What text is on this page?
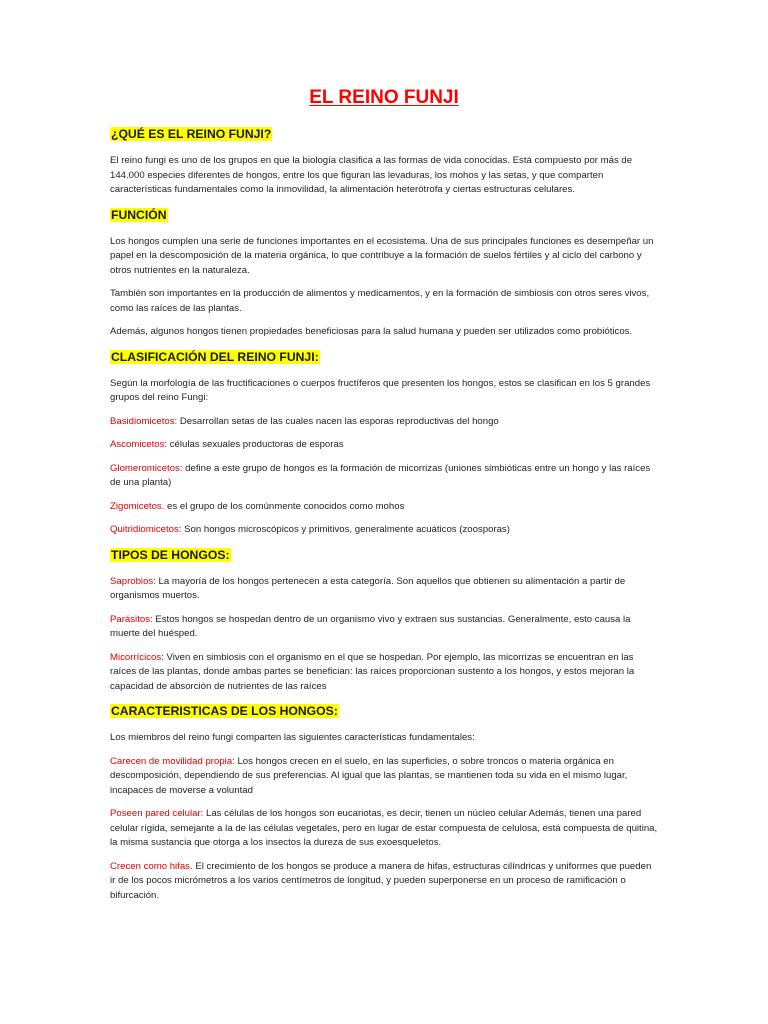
EL REINO FUNJI
¿QUÉ ES EL REINO FUNJI?

El reino fungi es uno de los grupos en que la biología clasifica a las formas de vida conocidas. Está compuesto por más de 144.000 especies diferentes de hongos, entre los que figuran las levaduras, los mohos y las setas, y que comparten características fundamentales como la inmovilidad, la alimentación heterótrofa y ciertas estructuras celulares.

FUNCIÓN

Los hongos cumplen una serie de funciones importantes en el ecosistema. Una de sus principales funciones es desempeñar un papel en la descomposición de la materia orgánica, lo que contribuye a la formación de suelos fértiles y al ciclo del carbono y otros nutrientes en la naturaleza.

También son importantes en la producción de alimentos y medicamentos, y en la formación de simbiosis con otros seres vivos, como las raíces de las plantas.

Además, algunos hongos tienen propiedades beneficiosas para la salud humana y pueden ser utilizados como probióticos.

CLASIFICACIÓN DEL REINO FUNJI:

Según la morfología de las fructificaciones o cuerpos fructíferos que presenten los hongos, estos se clasifican en los 5 grandes grupos del reino Fungi:

Basidiomicetos: Desarrollan setas de las cuales nacen las esporas reproductivas del hongo

Ascomicetos: células sexuales productoras de esporas

Glomeromicetos: define a este grupo de hongos es la formación de micorrizas (uniones simbióticas entre un hongo y las raíces de una planta)

Zigomicetos. es el grupo de los comúnmente conocidos como mohos

Quitridiomicetos: Son hongos microscópicos y primitivos, generalmente acuáticos (zoosporas)

TIPOS DE HONGOS:

Saprobios: La mayoría de los hongos pertenecen a esta categoría. Son aquellos que obtienen su alimentación a partir de organismos muertos.

Parásitos: Estos hongos se hospedan dentro de un organismo vivo y extraen sus sustancias. Generalmente, esto causa la muerte del huésped.

Micorrícicos: Viven en simbiosis con el organismo en el que se hospedan. Por ejemplo, las micorrizas se encuentran en las raíces de las plantas, donde ambas partes se benefician: las raíces proporcionan sustento a los hongos, y estos mejoran la capacidad de absorción de nutrientes de las raíces

CARACTERISTICAS DE LOS HONGOS:

Los miembros del reino fungi comparten las siguientes características fundamentales:

Carecen de movilidad propia: Los hongos crecen en el suelo, en las superficies, o sobre troncos o materia orgánica en descomposición, dependiendo de sus preferencias. Al igual que las plantas, se mantienen toda su vida en el mismo lugar, incapaces de moverse a voluntad

Poseen pared celular: Las células de los hongos son eucariotas, es decir, tienen un núcleo celular Además, tienen una pared celular rígida, semejante a la de las células vegetales, pero en lugar de estar compuesta de celulosa, está compuesta de quitina, la misma sustancia que otorga a los insectos la dureza de sus exoesqueletos.

Crecen como hifas. El crecimiento de los hongos se produce a manera de hifas, estructuras cilíndricas y uniformes que pueden ir de los pocos micrómetros a los varios centímetros de longitud, y pueden superponerse en un proceso de ramificación o bifurcación.
